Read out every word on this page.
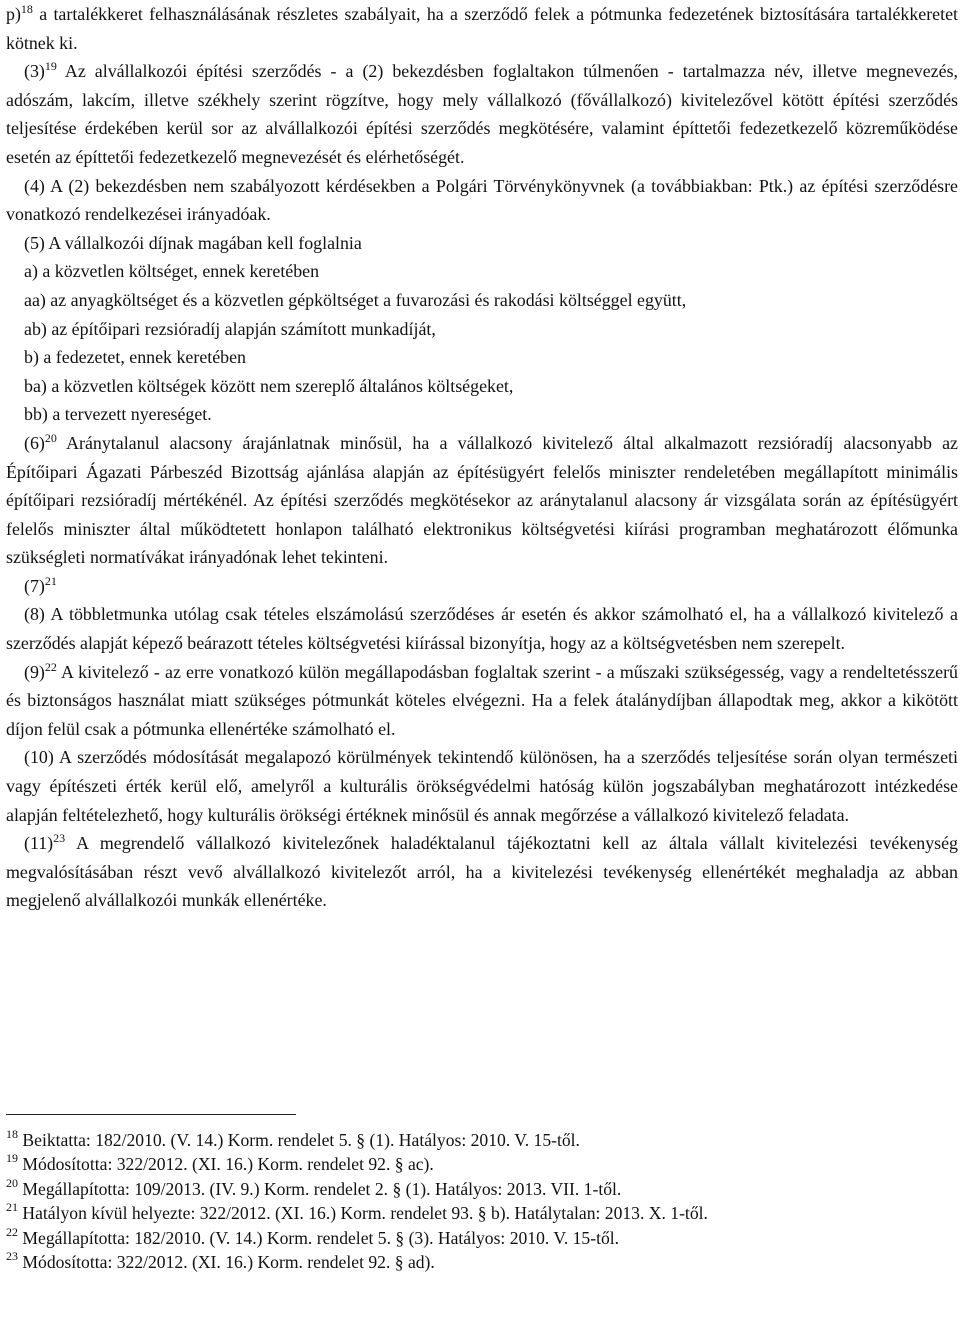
p)$^{18}$ a tartalékkeret felhasználásának részletes szabályait, ha a szerződő felek a pótmunka fedezetének biztosítására tartalékkeretet kötnek ki.
$(3)^{19}$ Az alvállalkozói építési szerződés - a (2) bekezdésben foglaltakon túlmenően - tartalmazza név, illetve megnevezés, adószám, lakcím, illetve székhely szerint rögzítve, hogy mely vállalkozó (fővállalkozó) kivitelezővel kötött építési szerződés teljesítése érdekében kerül sor az alvállalkozói építési szerződés megkötésére, valamint építtetői fedezetkezelő közreműködése esetén az építtetői fedezetkezelő megnevezését és elérhetőségét.
(4) A (2) bekezdésben nem szabályozott kérdésekben a Polgári Törvénykönyvnek (a továbbiakban: Ptk.) az építési szerződésre vonatkozó rendelkezései irányadóak.
(5) A vállalkozói díjnak magában kell foglalnia
a) a közvetlen költséget, ennek keretében
aa) az anyagköltséget és a közvetlen gépköltséget a fuvarozási és rakodási költséggel együtt,
ab) az építőipari rezsióradíj alapján számított munkadíját,
b) a fedezetet, ennek keretében
ba) a közvetlen költségek között nem szereplő általános költségeket,
bb) a tervezett nyereséget.
$(6)^{20}$ Aránytalanul alacsony árajánlatnak minősül, ha a vállalkozó kivitelező által alkalmazott rezsióradíj alacsonyabb az Építőipari Ágazati Párbeszéd Bizottság ajánlása alapján az építésügyért felelős miniszter rendeletében megállapított minimális építőipari rezsióradíj mértékénél. Az építési szerződés megkötésekor az aránytalanul alacsony ár vizsgálata során az építésügyért felelős miniszter által működtetett honlapon található elektronikus költségvetési kiírási programban meghatározott élőmunka szükségleti normatívákat irányadónak lehet tekinteni.
$(7)^{21}$
(8) A többletmunka utólag csak tételes elszámolású szerződéses ár esetén és akkor számolható el, ha a vállalkozó kivitelező a szerződés alapját képező beárazott tételes költségvetési kiírással bizonyítja, hogy az a költségvetésben nem szerepelt.
$(9)^{22}$ A kivitelező - az erre vonatkozó külön megállapodásban foglaltak szerint - a műszaki szükségesség, vagy a rendeltetésszerű és biztonságos használat miatt szükséges pótmunkát köteles elvégezni. Ha a felek átalánydíjban állapodtak meg, akkor a kikötött díjon felül csak a pótmunka ellenértéke számolható el.
(10) A szerződés módosítását megalapozó körülmények tekintendő különösen, ha a szerződés teljesítése során olyan természeti vagy építészeti érték kerül elő, amelyről a kulturális örökségvédelmi hatóság külön jogszabályban meghatározott intézkedése alapján feltételezhető, hogy kulturális örökségi értéknek minősül és annak megőrzése a vállalkozó kivitelező feladata.
$(11)^{23}$ A megrendelő vállalkozó kivitelezőnek haladéktalanul tájékoztatni kell az általa vállalt kivitelezési tevékenység megvalósításában részt vevő alvállalkozó kivitelezőt arról, ha a kivitelezési tevékenység ellenértékét meghaladja az abban megjelenő alvállalkozói munkák ellenértéke.
$^{18}$ Beiktatta: 182/2010. (V. 14.) Korm. rendelet 5. § (1). Hatályos: 2010. V. 15-től.
$^{19}$ Módosította: 322/2012. (XI. 16.) Korm. rendelet 92. § ac).
$^{20}$ Megállapította: 109/2013. (IV. 9.) Korm. rendelet 2. § (1). Hatályos: 2013. VII. 1-től.
$^{21}$ Hatályon kívül helyezte: 322/2012. (XI. 16.) Korm. rendelet 93. § b). Hatálytalan: 2013. X. 1-től.
$^{22}$ Megállapította: 182/2010. (V. 14.) Korm. rendelet 5. § (3). Hatályos: 2010. V. 15-től.
$^{23}$ Módosította: 322/2012. (XI. 16.) Korm. rendelet 92. § ad).
